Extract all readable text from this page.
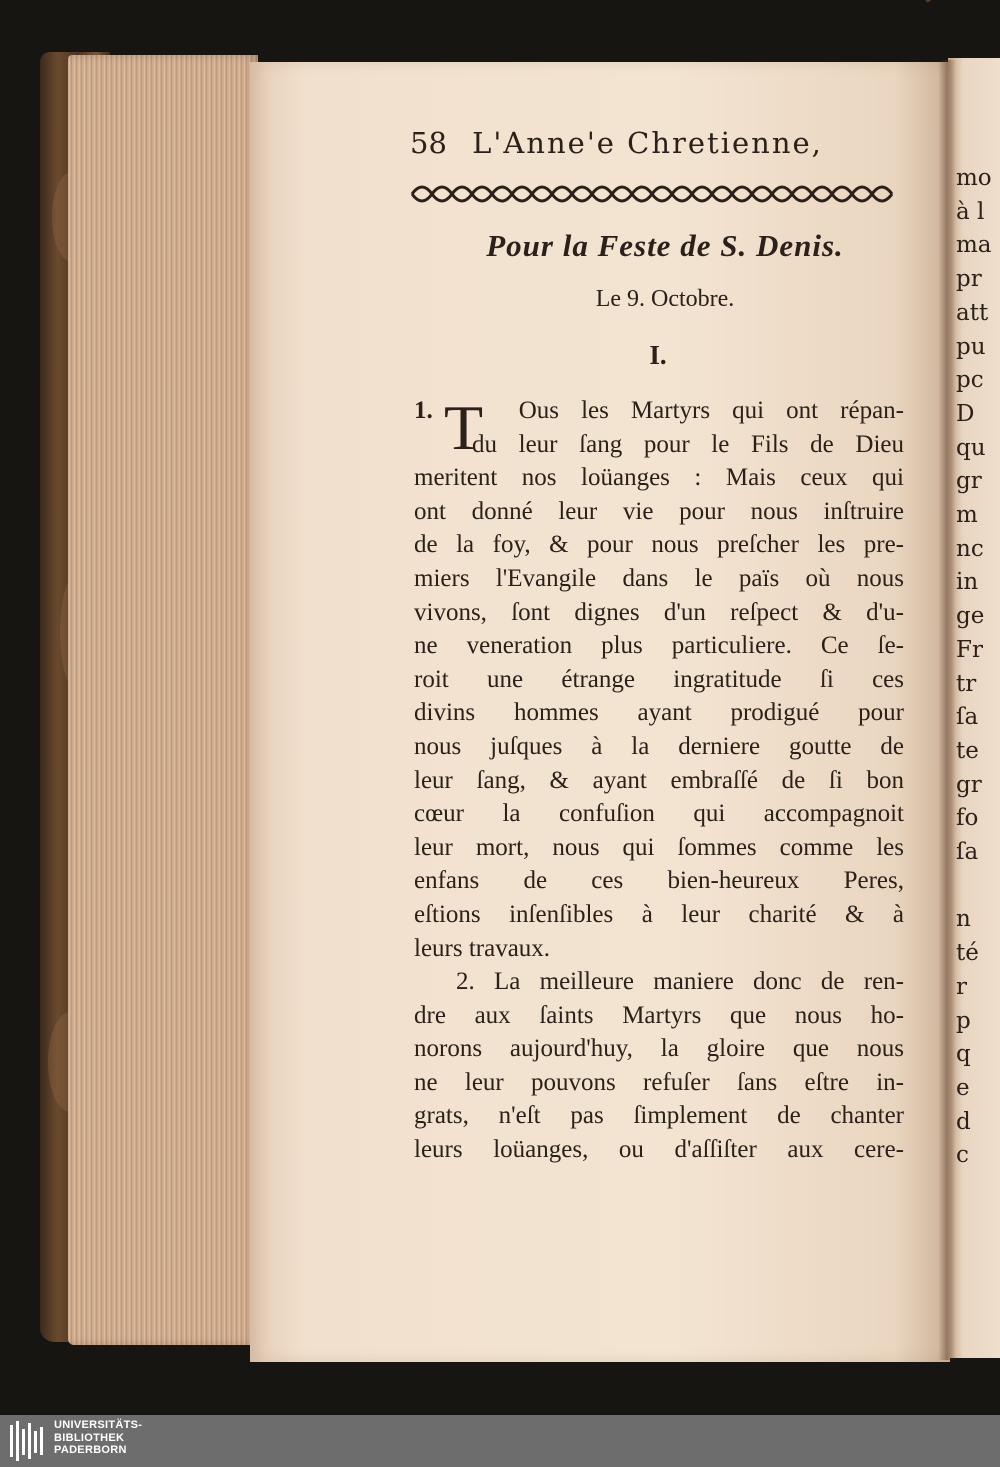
mo
à l
ma
pr
att
pu
pc
D
qu
gr
m
nc
in
ge
Fr
tr
ſa
te
gr
fo
ſa

n
té
r
p
q
e
d
c
58 L'Anne'e Chretienne,
Pour la Feste de S. Denis.
Le 9. Octobre.
I.
T
1.	Ous les Martyrs qui ont répan-
du leur ſang pour le Fils de Dieu
meritent nos loüanges : Mais ceux qui
ont donné leur vie pour nous inſtruire
de la foy, & pour nous preſcher les pre-
miers l'Evangile dans le païs où nous
vivons, ſont dignes d'un reſpect & d'u-
ne veneration plus particuliere. Ce ſe-
roit une étrange ingratitude ſi ces
divins hommes ayant prodigué pour
nous juſques à la derniere goutte de
leur ſang, & ayant embraſſé de ſi bon
cœur la confuſion qui accompagnoit
leur mort, nous qui ſommes comme les
enfans de ces bien-heureux Peres,
eſtions inſenſibles à leur charité & à
leurs travaux.
2. La meilleure maniere donc de ren-
dre aux ſaints Martyrs que nous ho-
norons aujourd'huy, la gloire que nous
ne leur pouvons refuſer ſans eſtre in-
grats, n'eſt pas ſimplement de chanter
leurs loüanges, ou d'aſſiſter aux cere-
UNIVERSITÄTS-
BIBLIOTHEK
PADERBORN
